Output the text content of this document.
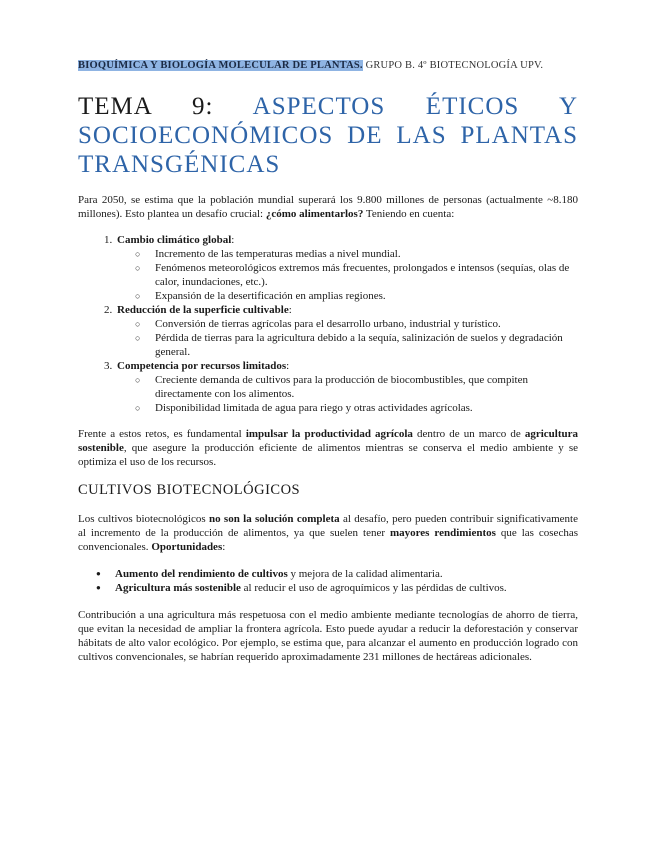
BIOQUÍMICA Y BIOLOGÍA MOLECULAR DE PLANTAS. GRUPO B. 4º BIOTECNOLOGÍA UPV.
TEMA 9: ASPECTOS ÉTICOS Y SOCIOECONÓMICOS DE LAS PLANTAS TRANSGÉNICAS

Para 2050, se estima que la población mundial superará los 9.800 millones de personas (actualmente ~8.180 millones). Esto plantea un desafío crucial: ¿cómo alimentarlos? Teniendo en cuenta:

1. Cambio climático global:
○ Incremento de las temperaturas medias a nivel mundial.
○ Fenómenos meteorológicos extremos más frecuentes, prolongados e intensos (sequías, olas de calor, inundaciones, etc.).
○ Expansión de la desertificación en amplias regiones.
2. Reducción de la superficie cultivable:
○ Conversión de tierras agrícolas para el desarrollo urbano, industrial y turístico.
○ Pérdida de tierras para la agricultura debido a la sequía, salinización de suelos y degradación general.
3. Competencia por recursos limitados:
○ Creciente demanda de cultivos para la producción de biocombustibles, que compiten directamente con los alimentos.
○ Disponibilidad limitada de agua para riego y otras actividades agrícolas.

Frente a estos retos, es fundamental impulsar la productividad agrícola dentro de un marco de agricultura sostenible, que asegure la producción eficiente de alimentos mientras se conserva el medio ambiente y se optimiza el uso de los recursos.

CULTIVOS BIOTECNOLÓGICOS

Los cultivos biotecnológicos no son la solución completa al desafío, pero pueden contribuir significativamente al incremento de la producción de alimentos, ya que suelen tener mayores rendimientos que las cosechas convencionales. Oportunidades:

● Aumento del rendimiento de cultivos y mejora de la calidad alimentaria.
● Agricultura más sostenible al reducir el uso de agroquímicos y las pérdidas de cultivos.

Contribución a una agricultura más respetuosa con el medio ambiente mediante tecnologías de ahorro de tierra, que evitan la necesidad de ampliar la frontera agrícola. Esto puede ayudar a reducir la deforestación y conservar hábitats de alto valor ecológico. Por ejemplo, se estima que, para alcanzar el aumento en producción logrado con cultivos convencionales, se habrían requerido aproximadamente 231 millones de hectáreas adicionales.
